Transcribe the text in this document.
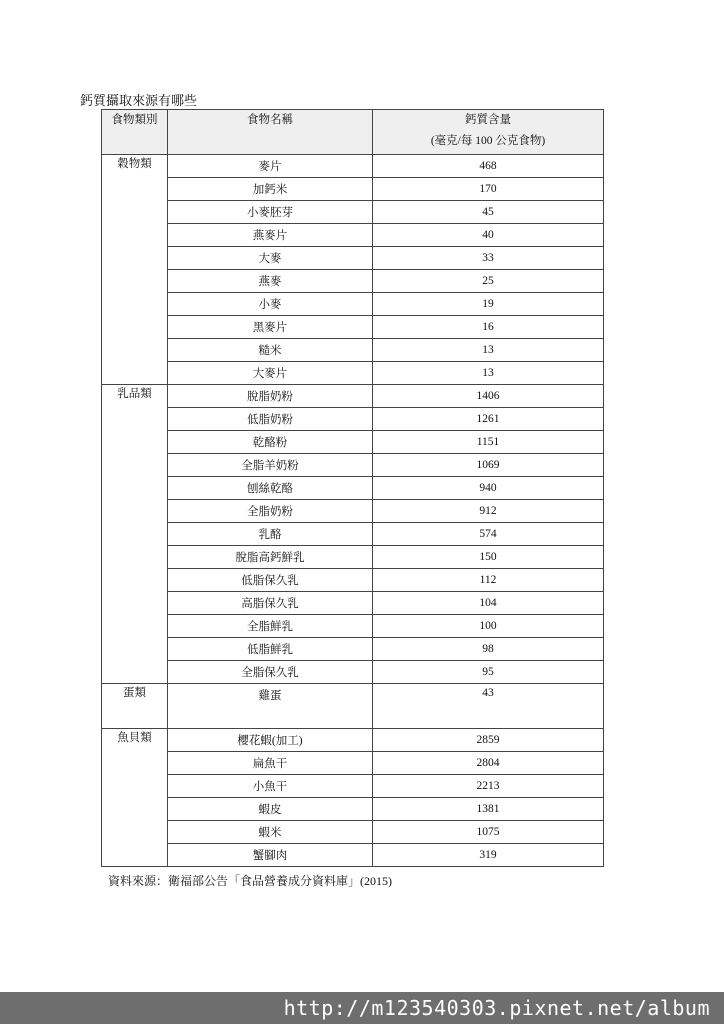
鈣質攝取來源有哪些
食物類別	食物名稱	鈣質含量
(毫克/每 100 公克食物)

穀物類	麥片	468
	加鈣米	170
	小麥胚芽	45
	燕麥片	40
	大麥	33
	燕麥	25
	小麥	19
	黑麥片	16
	糙米	13
	大麥片	13
乳品類	脫脂奶粉	1406
	低脂奶粉	1261
	乾酪粉	1151
	全脂羊奶粉	1069
	刨絲乾酪	940
	全脂奶粉	912
	乳酪	574
	脫脂高鈣鮮乳	150
	低脂保久乳	112
	高脂保久乳	104
	全脂鮮乳	100
	低脂鮮乳	98
	全脂保久乳	95
蛋類	雞蛋	43
魚貝類	櫻花蝦(加工)	2859
	扁魚干	2804
	小魚干	2213
	蝦皮	1381
	蝦米	1075
	蟹腳肉	319
資料來源：衛福部公告「食品營養成分資料庫」(2015)
http://m123540303.pixnet.net/album
